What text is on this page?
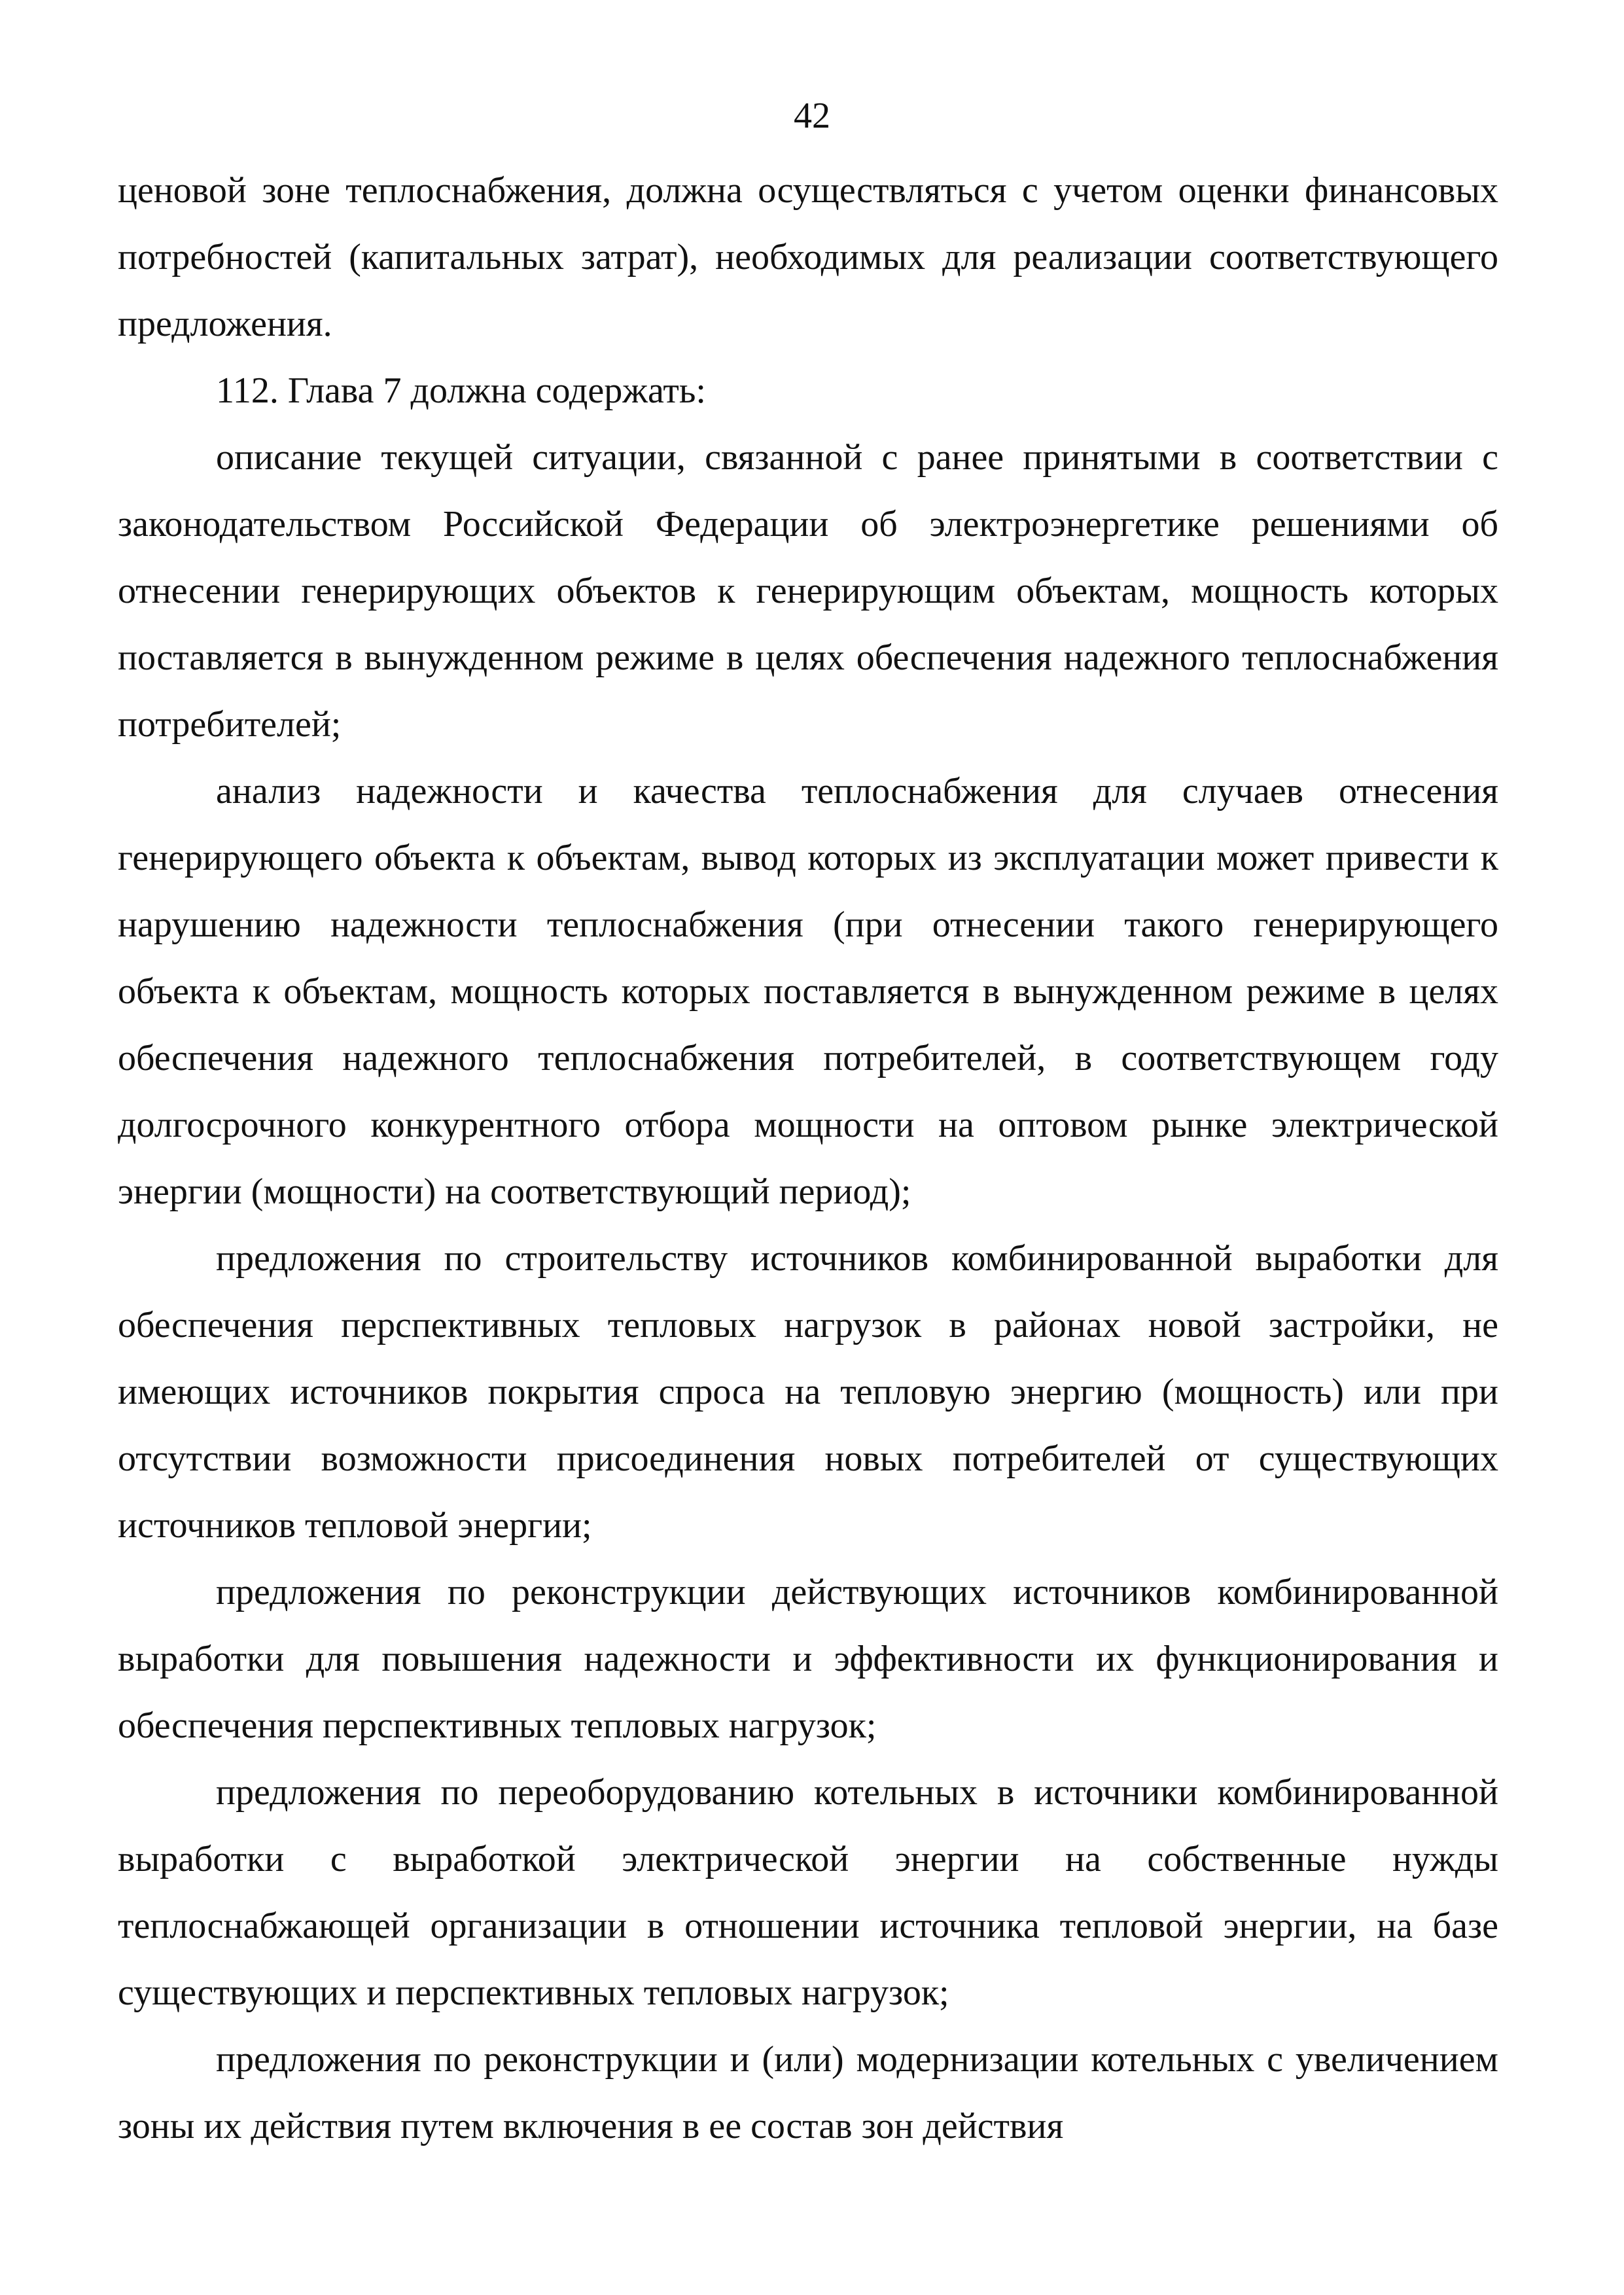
42

ценовой зоне теплоснабжения, должна осуществляться с учетом оценки финансовых потребностей (капитальных затрат), необходимых для реализации соответствующего предложения.

112. Глава 7 должна содержать:

описание текущей ситуации, связанной с ранее принятыми в соответствии с законодательством Российской Федерации об электроэнергетике решениями об отнесении генерирующих объектов к генерирующим объектам, мощность которых поставляется в вынужденном режиме в целях обеспечения надежного теплоснабжения потребителей;

анализ надежности и качества теплоснабжения для случаев отнесения генерирующего объекта к объектам, вывод которых из эксплуатации может привести к нарушению надежности теплоснабжения (при отнесении такого генерирующего объекта к объектам, мощность которых поставляется в вынужденном режиме в целях обеспечения надежного теплоснабжения потребителей, в соответствующем году долгосрочного конкурентного отбора мощности на оптовом рынке электрической энергии (мощности) на соответствующий период);

предложения по строительству источников комбинированной выработки для обеспечения перспективных тепловых нагрузок в районах новой застройки, не имеющих источников покрытия спроса на тепловую энергию (мощность) или при отсутствии возможности присоединения новых потребителей от существующих источников тепловой энергии;

предложения по реконструкции действующих источников комбинированной выработки для повышения надежности и эффективности их функционирования и обеспечения перспективных тепловых нагрузок;

предложения по переоборудованию котельных в источники комбинированной выработки с выработкой электрической энергии на собственные нужды теплоснабжающей организации в отношении источника тепловой энергии, на базе существующих и перспективных тепловых нагрузок;

предложения по реконструкции и (или) модернизации котельных с увеличением зоны их действия путем включения в ее состав зон действия
